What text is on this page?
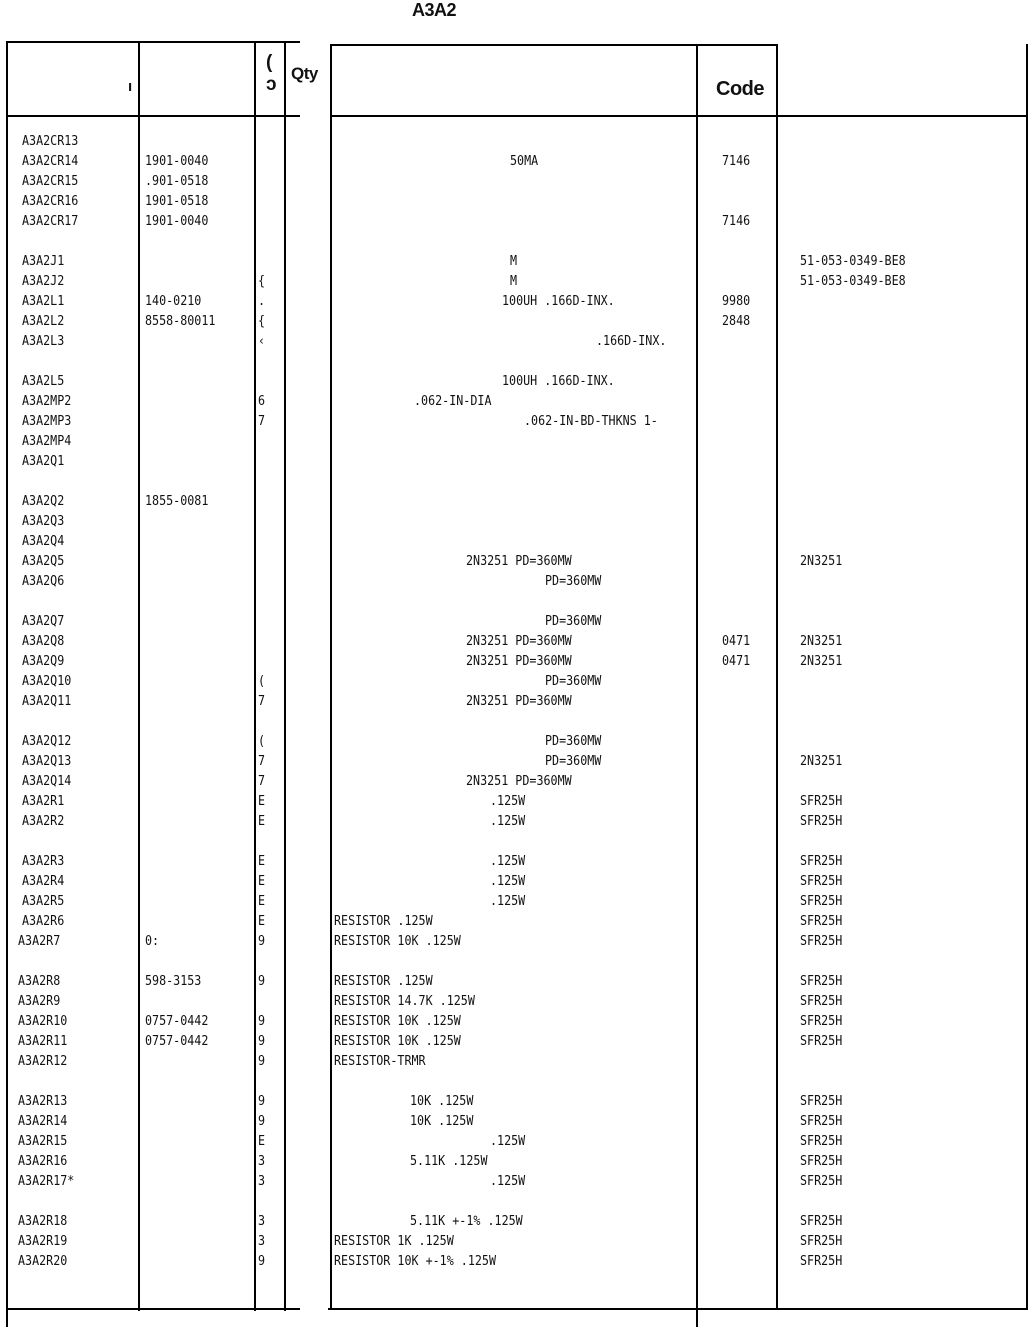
A3A2
(
ɔ
Qty
Code
ı
A3A2CR13
A3A2CR14	1901-0040	50MA	7146
A3A2CR15	.901-0518
A3A2CR16	1901-0518
A3A2CR17	1901-0040	7146
A3A2J1	M	51-053-0349-BE8
A3A2J2	{	M	51-053-0349-BE8
A3A2L1	140-0210	.	100UH .166D-INX.	9980
A3A2L2	8558-80011	{	2848
A3A2L3	‹	.166D-INX.
A3A2L5	100UH .166D-INX.
A3A2MP2	6	.062-IN-DIA
A3A2MP3	7	.062-IN-BD-THKNS 1-
A3A2MP4
A3A2Q1
A3A2Q2	1855-0081
A3A2Q3
A3A2Q4
A3A2Q5	2N3251 PD=360MW	2N3251
A3A2Q6	PD=360MW
A3A2Q7	PD=360MW
A3A2Q8	2N3251 PD=360MW	0471	2N3251
A3A2Q9	2N3251 PD=360MW	0471	2N3251
A3A2Q10	(	PD=360MW
A3A2Q11	7	2N3251 PD=360MW
A3A2Q12	(	PD=360MW
A3A2Q13	7	PD=360MW	2N3251
A3A2Q14	7	2N3251 PD=360MW
A3A2R1	E	.125W	SFR25H
A3A2R2	E	.125W	SFR25H
A3A2R3	E	.125W	SFR25H
A3A2R4	E	.125W	SFR25H
A3A2R5	E	.125W	SFR25H
A3A2R6	E	RESISTOR .125W	SFR25H
A3A2R7	0:	9	RESISTOR 10K .125W	SFR25H
A3A2R8	598-3153	9	RESISTOR .125W	SFR25H
A3A2R9	RESISTOR 14.7K .125W	SFR25H
A3A2R10	0757-0442	9	RESISTOR 10K .125W	SFR25H
A3A2R11	0757-0442	9	RESISTOR 10K .125W	SFR25H
A3A2R12	9	RESISTOR-TRMR
A3A2R13	9	10K .125W	SFR25H
A3A2R14	9	10K .125W	SFR25H
A3A2R15	E	.125W	SFR25H
A3A2R16	3	5.11K .125W	SFR25H
A3A2R17*	3	.125W	SFR25H
A3A2R18	3	5.11K +-1% .125W	SFR25H
A3A2R19	3	RESISTOR 1K .125W	SFR25H
A3A2R20	9	RESISTOR 10K +-1% .125W	SFR25H
